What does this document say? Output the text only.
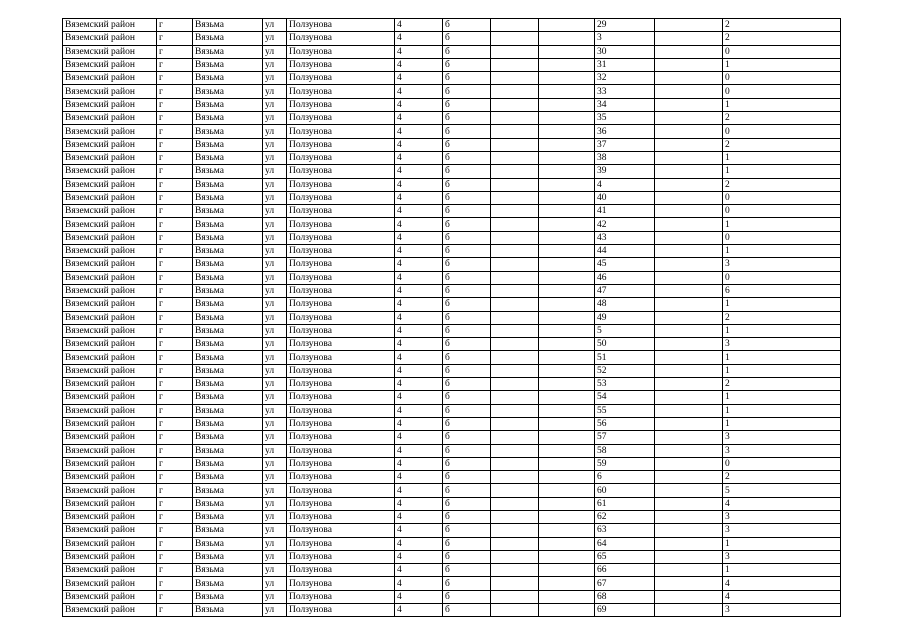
Вяземский район	г	Вязьма	ул	Ползунова	4	б			29		2
Вяземский район	г	Вязьма	ул	Ползунова	4	б			3		2
Вяземский район	г	Вязьма	ул	Ползунова	4	б			30		0
Вяземский район	г	Вязьма	ул	Ползунова	4	б			31		1
Вяземский район	г	Вязьма	ул	Ползунова	4	б			32		0
Вяземский район	г	Вязьма	ул	Ползунова	4	б			33		0
Вяземский район	г	Вязьма	ул	Ползунова	4	б			34		1
Вяземский район	г	Вязьма	ул	Ползунова	4	б			35		2
Вяземский район	г	Вязьма	ул	Ползунова	4	б			36		0
Вяземский район	г	Вязьма	ул	Ползунова	4	б			37		2
Вяземский район	г	Вязьма	ул	Ползунова	4	б			38		1
Вяземский район	г	Вязьма	ул	Ползунова	4	б			39		1
Вяземский район	г	Вязьма	ул	Ползунова	4	б			4		2
Вяземский район	г	Вязьма	ул	Ползунова	4	б			40		0
Вяземский район	г	Вязьма	ул	Ползунова	4	б			41		0
Вяземский район	г	Вязьма	ул	Ползунова	4	б			42		1
Вяземский район	г	Вязьма	ул	Ползунова	4	б			43		0
Вяземский район	г	Вязьма	ул	Ползунова	4	б			44		1
Вяземский район	г	Вязьма	ул	Ползунова	4	б			45		3
Вяземский район	г	Вязьма	ул	Ползунова	4	б			46		0
Вяземский район	г	Вязьма	ул	Ползунова	4	б			47		6
Вяземский район	г	Вязьма	ул	Ползунова	4	б			48		1
Вяземский район	г	Вязьма	ул	Ползунова	4	б			49		2
Вяземский район	г	Вязьма	ул	Ползунова	4	б			5		1
Вяземский район	г	Вязьма	ул	Ползунова	4	б			50		3
Вяземский район	г	Вязьма	ул	Ползунова	4	б			51		1
Вяземский район	г	Вязьма	ул	Ползунова	4	б			52		1
Вяземский район	г	Вязьма	ул	Ползунова	4	б			53		2
Вяземский район	г	Вязьма	ул	Ползунова	4	б			54		1
Вяземский район	г	Вязьма	ул	Ползунова	4	б			55		1
Вяземский район	г	Вязьма	ул	Ползунова	4	б			56		1
Вяземский район	г	Вязьма	ул	Ползунова	4	б			57		3
Вяземский район	г	Вязьма	ул	Ползунова	4	б			58		3
Вяземский район	г	Вязьма	ул	Ползунова	4	б			59		0
Вяземский район	г	Вязьма	ул	Ползунова	4	б			6		2
Вяземский район	г	Вязьма	ул	Ползунова	4	б			60		5
Вяземский район	г	Вязьма	ул	Ползунова	4	б			61		4
Вяземский район	г	Вязьма	ул	Ползунова	4	б			62		3
Вяземский район	г	Вязьма	ул	Ползунова	4	б			63		3
Вяземский район	г	Вязьма	ул	Ползунова	4	б			64		1
Вяземский район	г	Вязьма	ул	Ползунова	4	б			65		3
Вяземский район	г	Вязьма	ул	Ползунова	4	б			66		1
Вяземский район	г	Вязьма	ул	Ползунова	4	б			67		4
Вяземский район	г	Вязьма	ул	Ползунова	4	б			68		4
Вяземский район	г	Вязьма	ул	Ползунова	4	б			69		3
